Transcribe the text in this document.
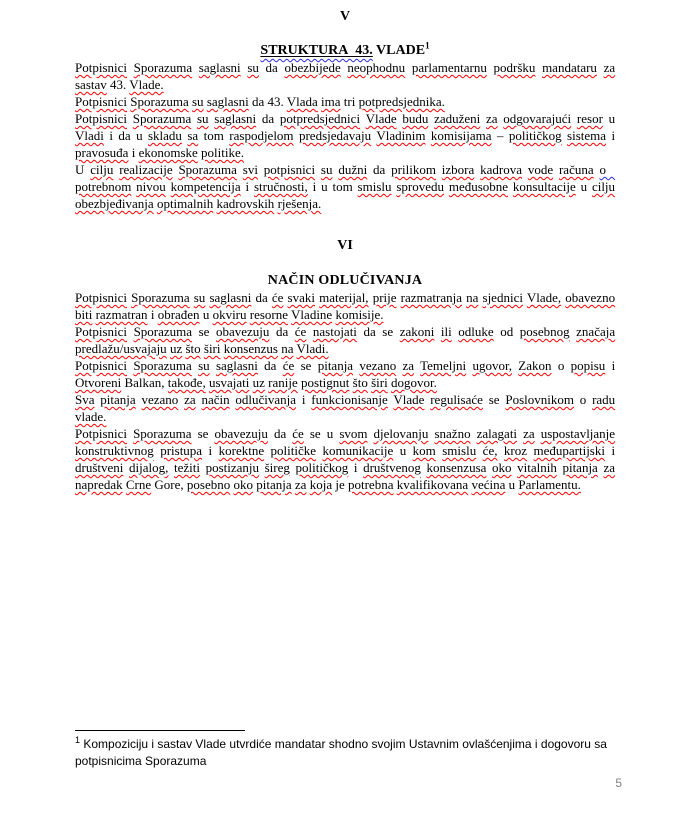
V

STRUKTURA  43. VLADE$^1$

Potpisnici Sporazuma saglasni su da obezbijede neophodnu parlamentarnu podršku mandataru za sastav 43. Vlade.

Potpisnici Sporazuma su saglasni da 43. Vlada ima tri potpredsjednika.

Potpisnici Sporazuma su saglasni da potpredsjednici Vlade budu zaduženi za odgovarajući resor u Vladi i da u skladu sa tom raspodjelom predsjedavaju Vladinim komisijama – političkog sistema i pravosuđa i ekonomske politike.

U cilju realizacije Sporazuma svi potpisnici su dužni da prilikom izbora kadrova vode računa o   potrebnom nivou kompetencija i stručnosti, i u tom smislu sprovedu međusobne konsultacije u cilju obezbjeđivanja optimalnih kadrovskih rješenja.

VI

NAČIN ODLUČIVANJA

Potpisnici Sporazuma su saglasni da će svaki materijal, prije razmatranja na sjednici Vlade, obavezno biti razmatran i obrađen u okviru resorne Vladine komisije.

Potpisnici Sporazuma se obavezuju da će nastojati da se zakoni ili odluke od posebnog značaja predlažu/usvajaju uz što širi konsenzus na Vladi.

Potpisnici Sporazuma su saglasni da će se pitanja vezano za Temeljni ugovor, Zakon o popisu i Otvoreni Balkan, takođe, usvajati uz ranije postignut što širi dogovor.

Sva pitanja vezano za način odlučivanja i funkcionisanje Vlade regulisaće se Poslovnikom o radu vlade.

Potpisnici Sporazuma se obavezuju da će se u svom djelovanju snažno zalagati za uspostavljanje konstruktivnog pristupa i korektne političke komunikacije u kom smislu će, kroz međupartijski i društveni dijalog, težiti postizanju šireg političkog i društvenog konsenzusa oko vitalnih pitanja za napredak Crne Gore, posebno oko pitanja za koja je potrebna kvalifikovana većina u Parlamentu.

$^1$ Kompoziciju i sastav Vlade utvrdiće mandatar shodno svojim Ustavnim ovlašćenjima i dogovoru sa potpisnicima Sporazuma
5
